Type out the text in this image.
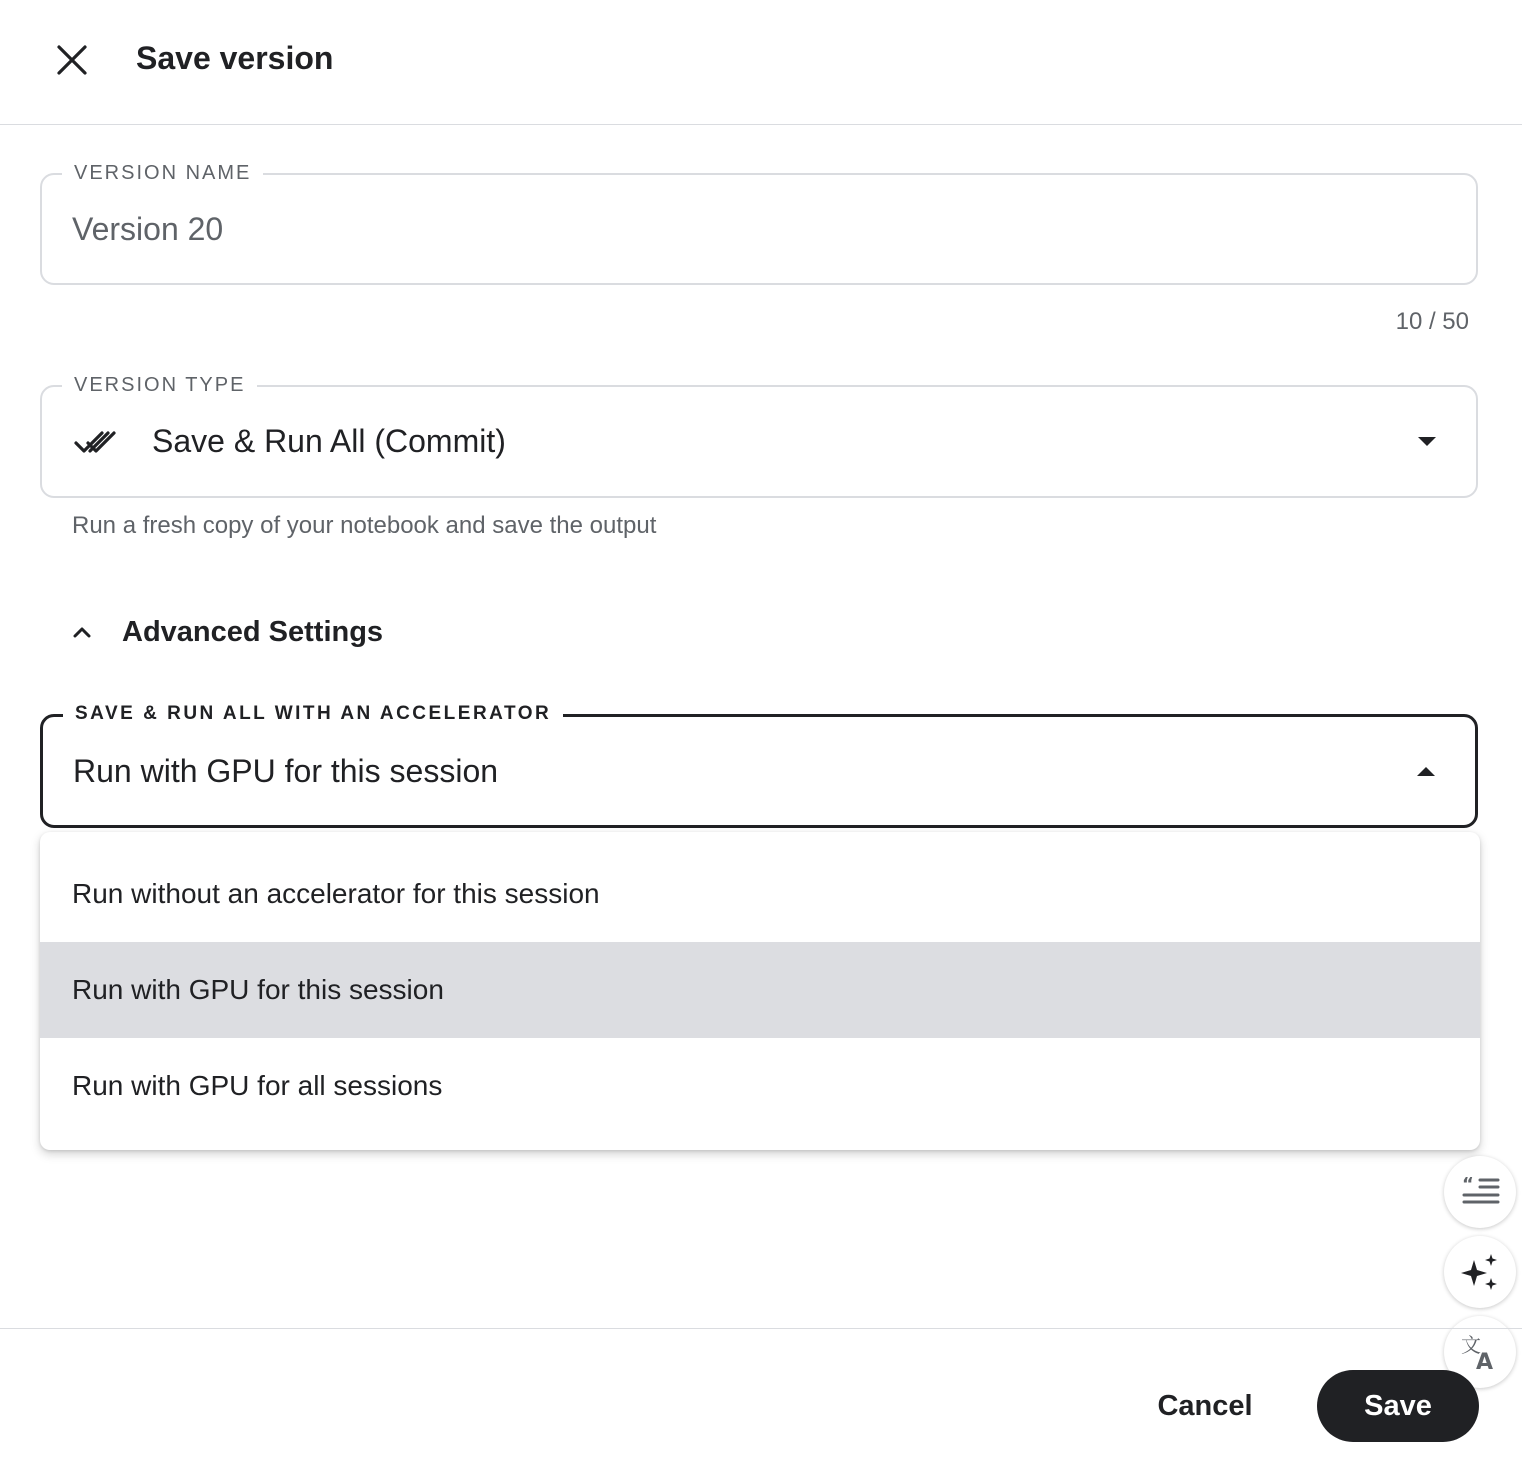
Save version
VERSION NAME
Version 20
10 / 50
VERSION TYPE
Save & Run All (Commit)
Run a fresh copy of your notebook and save the output
Advanced Settings
SAVE & RUN ALL WITH AN ACCELERATOR
Run with GPU for this session
Run without an accelerator for this session
Run with GPU for this session
Run with GPU for all sessions
“
文
A
Cancel	Save
